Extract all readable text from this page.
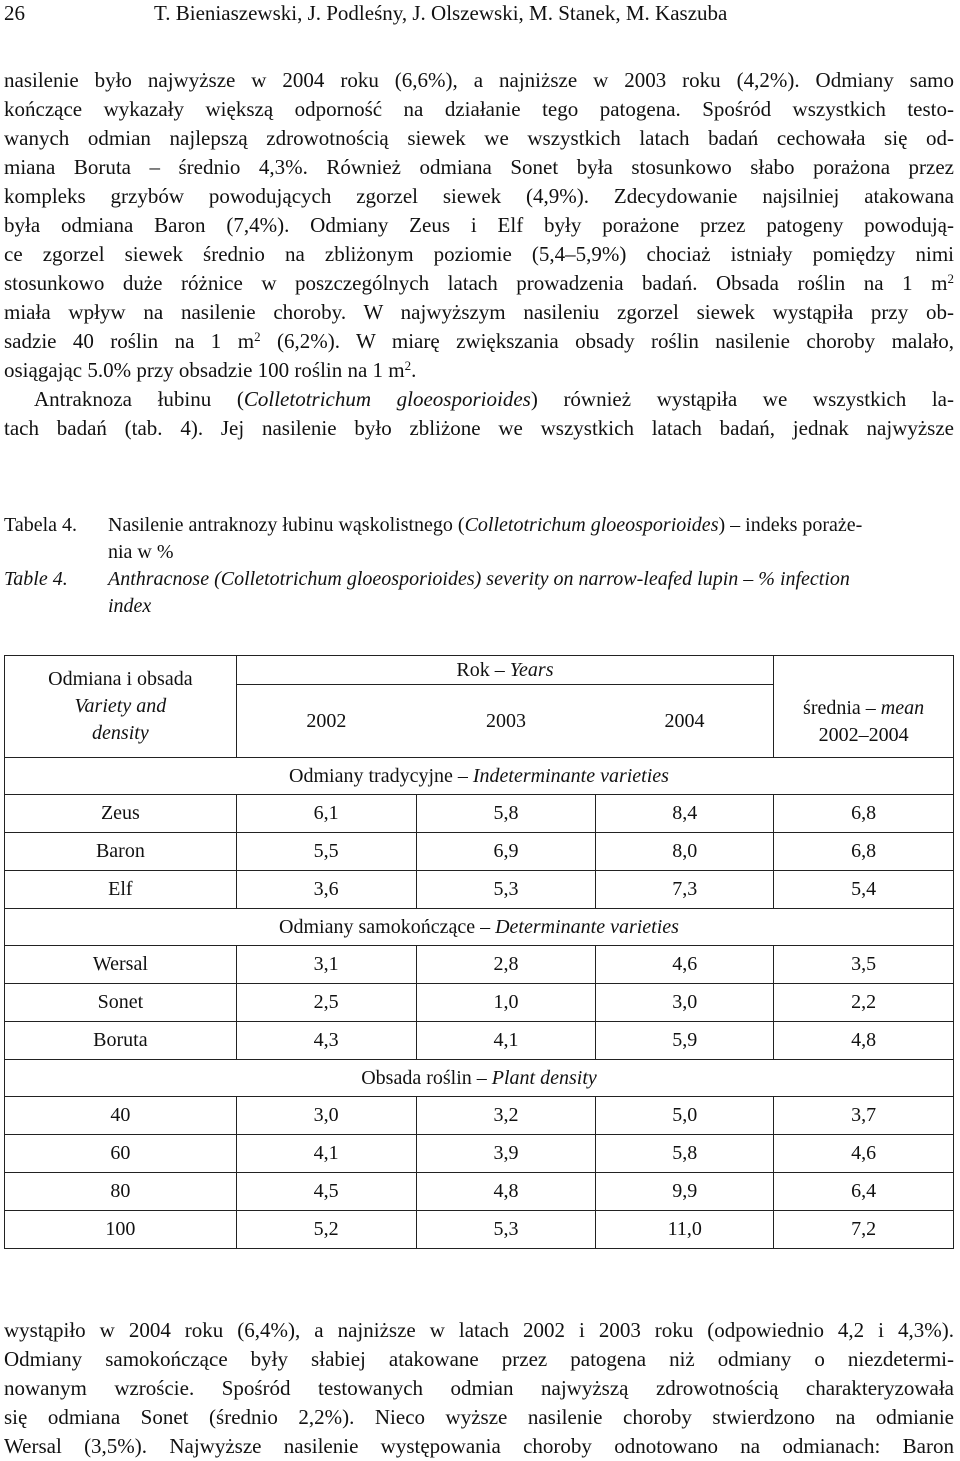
26	T. Bieniaszewski, J. Podleśny, J. Olszewski, M. Stanek, M. Kaszuba
nasilenie było najwyższe w 2004 roku (6,6%), a najniższe w 2003 roku (4,2%). Odmiany samo
kończące wykazały większą odporność na działanie tego patogena. Spośród wszystkich testo-
wanych odmian najlepszą zdrowotnością siewek we wszystkich latach badań cechowała się od-
miana Boruta – średnio 4,3%. Również odmiana Sonet była stosunkowo słabo porażona przez
kompleks grzybów powodujących zgorzel siewek (4,9%). Zdecydowanie najsilniej atakowana
była odmiana Baron (7,4%). Odmiany Zeus i Elf były porażone przez patogeny powodują-
ce zgorzel siewek średnio na zbliżonym poziomie (5,4–5,9%) chociaż istniały pomiędzy nimi
stosunkowo duże różnice w poszczególnych latach prowadzenia badań. Obsada roślin na 1 $m^2$
miała wpływ na nasilenie choroby. W najwyższym nasileniu zgorzel siewek wystąpiła przy ob-
sadzie 40 roślin na 1 $m^2$ (6,2%). W miarę zwiększania obsady roślin nasilenie choroby malało,
osiągając 5.0% przy obsadzie 100 roślin na 1 $m^2$.
Antraknoza łubinu (Colletotrichum gloeosporioides) również wystąpiła we wszystkich la-
tach badań (tab. 4). Jej nasilenie było zbliżone we wszystkich latach badań, jednak najwyższe
Tabela 4.	Nasilenie antraknozy łubinu wąskolistnego (Colletotrichum gloeosporioides) – indeks poraże-
nia w %
Table 4.	Anthracnose (Colletotrichum gloeosporioides) severity on narrow-leafed lupin – % infection
index
Odmiana i obsada
Variety and
density	Rok – Years			średnia – mean
2002–2004
	2002	2003	2004	
Odmiany tradycyjne – Indeterminante varieties				
Zeus	6,1	5,8	8,4	6,8
Baron	5,5	6,9	8,0	6,8
Elf	3,6	5,3	7,3	5,4
Odmiany samokończące – Determinante varieties				
Wersal	3,1	2,8	4,6	3,5
Sonet	2,5	1,0	3,0	2,2
Boruta	4,3	4,1	5,9	4,8
Obsada roślin – Plant density				
40	3,0	3,2	5,0	3,7
60	4,1	3,9	5,8	4,6
80	4,5	4,8	9,9	6,4
100	5,2	5,3	11,0	7,2
wystąpiło w 2004 roku (6,4%), a najniższe w latach 2002 i 2003 roku (odpowiednio 4,2 i 4,3%).
Odmiany samokończące były słabiej atakowane przez patogena niż odmiany o niezdetermi-
nowanym wzroście. Spośród testowanych odmian najwyższą zdrowotnością charakteryzowała
się odmiana Sonet (średnio 2,2%). Nieco wyższe nasilenie choroby stwierdzono na odmianie
Wersal (3,5%). Najwyższe nasilenie występowania choroby odnotowano na odmianach: Baron
